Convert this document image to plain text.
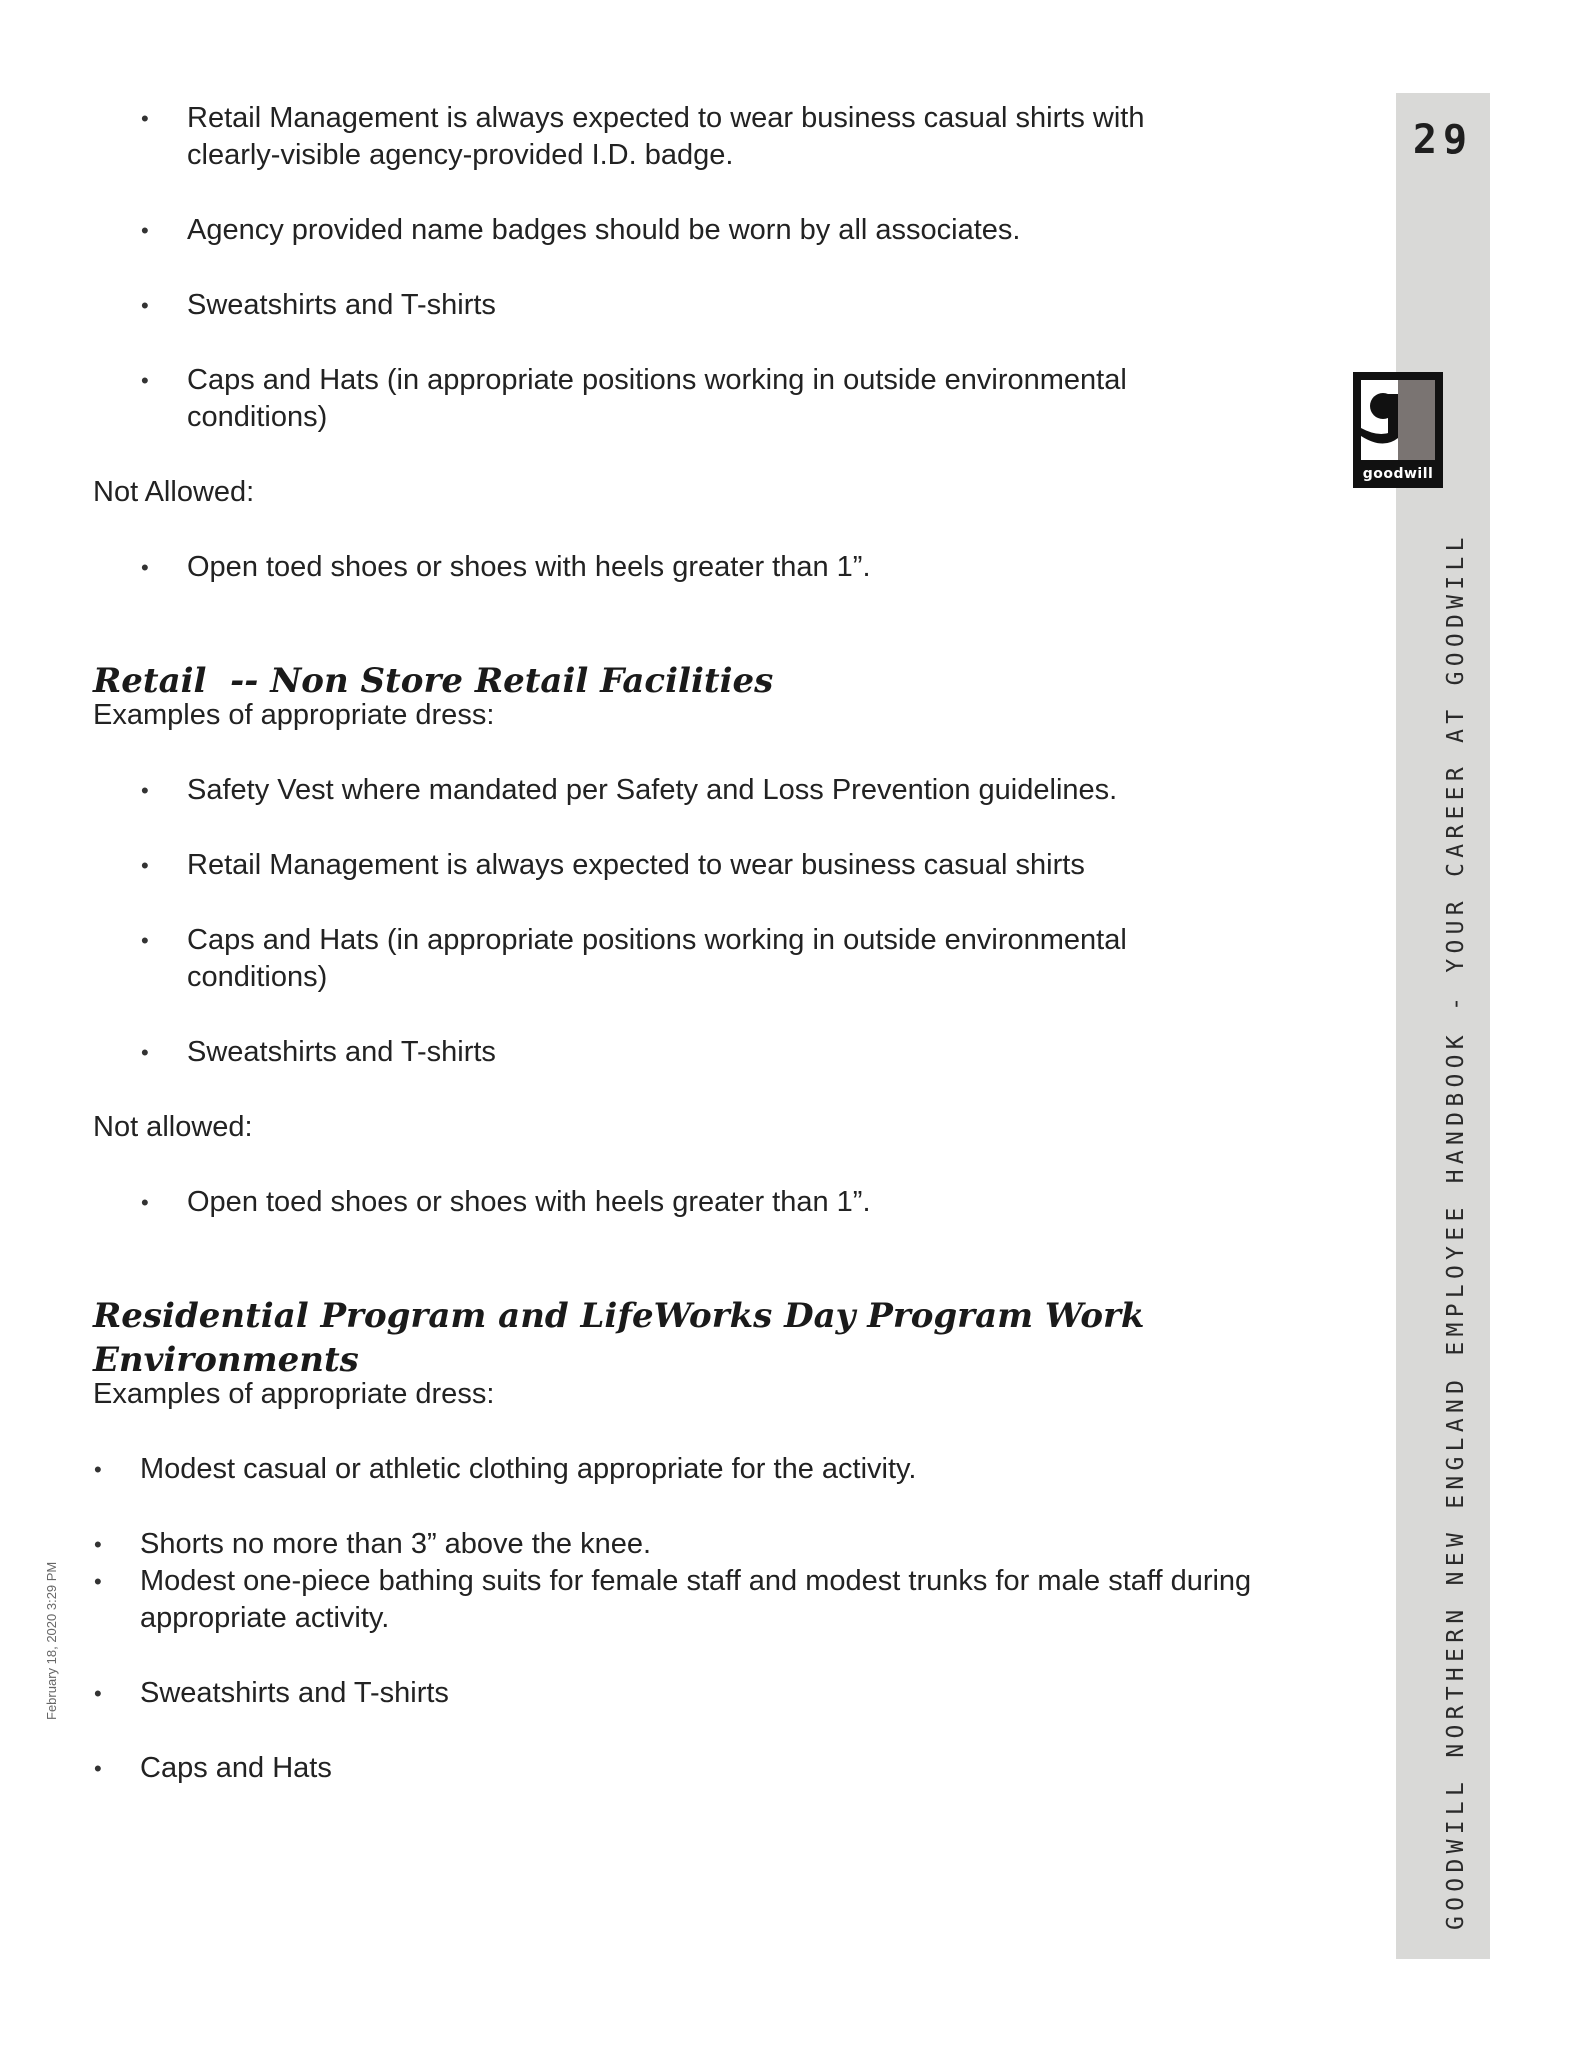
• Retail Management is always expected to wear business casual shirts with clearly-visible agency-provided I.D. badge.
• Agency provided name badges should be worn by all associates.
• Sweatshirts and T-shirts
• Caps and Hats (in appropriate positions working in outside environmental conditions)

Not Allowed:

• Open toed shoes or shoes with heels greater than 1”.
Retail  -- Non Store Retail Facilities

Examples of appropriate dress:

• Safety Vest where mandated per Safety and Loss Prevention guidelines.
• Retail Management is always expected to wear business casual shirts
• Caps and Hats (in appropriate positions working in outside environmental conditions)
• Sweatshirts and T-shirts

Not allowed:

• Open toed shoes or shoes with heels greater than 1”.
Residential Program and LifeWorks Day Program Work
Environments

Examples of appropriate dress:

• Modest casual or athletic clothing appropriate for the activity.
• Shorts no more than 3” above the knee.
• Modest one-piece bathing suits for female staff and modest trunks for male staff during appropriate activity.
• Sweatshirts and T-shirts
• Caps and Hats
29
goodwill
GOODWILL NORTHERN NEW ENGLAND EMPLOYEE HANDBOOK - YOUR CAREER AT GOODWILL
February 18, 2020 3:29 PM
